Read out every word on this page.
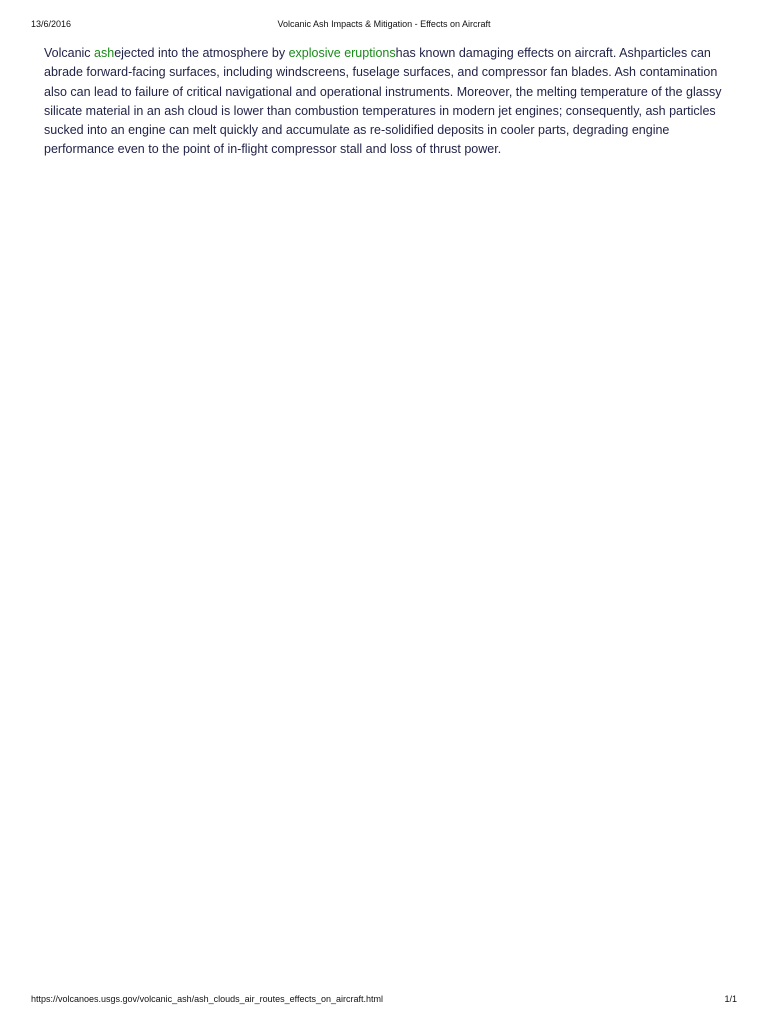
13/6/2016	Volcanic Ash Impacts & Mitigation - Effects on Aircraft

Volcanic ashejected into the atmosphere by explosive eruptionshas known damaging effects on aircraft. Ashparticles can abrade forward-facing surfaces, including windscreens, fuselage surfaces, and compressor fan blades. Ash contamination also can lead to failure of critical navigational and operational instruments. Moreover, the melting temperature of the glassy silicate material in an ash cloud is lower than combustion temperatures in modern jet engines; consequently, ash particles sucked into an engine can melt quickly and accumulate as re-solidified deposits in cooler parts, degrading engine performance even to the point of in-flight compressor stall and loss of thrust power.

https://volcanoes.usgs.gov/volcanic_ash/ash_clouds_air_routes_effects_on_aircraft.html	1/1
